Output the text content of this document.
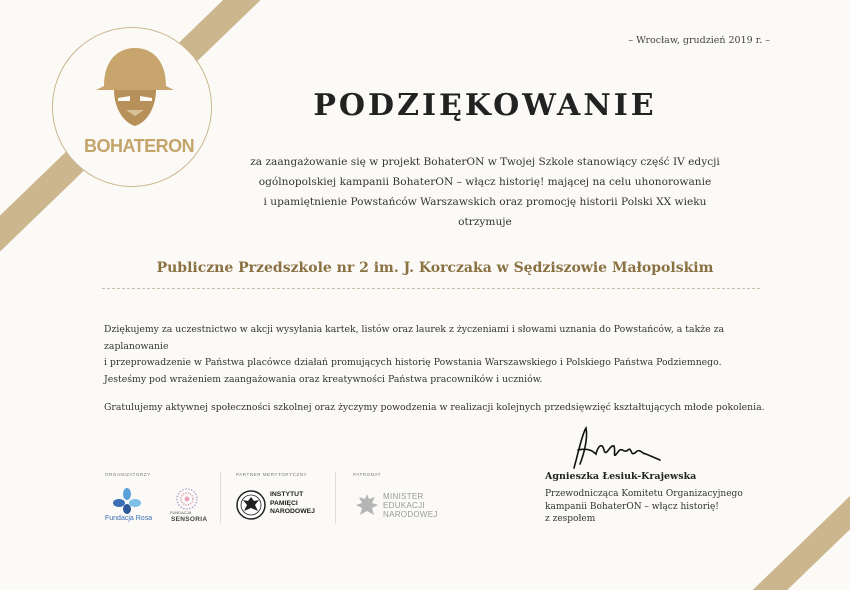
BOHATERON
– Wrocław, grudzień 2019 r. –
PODZIĘKOWANIE
za zaangażowanie się w projekt BohaterON w Twojej Szkole stanowiący część IV edycji
ogólnopolskiej kampanii BohaterON – włącz historię! mającej na celu uhonorowanie
i upamiętnienie Powstańców Warszawskich oraz promocję historii Polski XX wieku
otrzymuje
Publiczne Przedszkole nr 2 im. J. Korczaka w Sędziszowie Małopolskim

Dziękujemy za uczestnictwo w akcji wysyłania kartek, listów oraz laurek z życzeniami i słowami uznania do Powstańców, a także za zaplanowanie
i przeprowadzenie w Państwa placówce działań promujących historię Powstania Warszawskiego i Polskiego Państwa Podziemnego.
Jesteśmy pod wrażeniem zaangażowania oraz kreatywności Państwa pracowników i uczniów.

Gratulujemy aktywnej społeczności szkolnej oraz życzymy powodzenia w realizacji kolejnych przedsięwzięć kształtujących młode pokolenia.

Agnieszka Łesiuk-Krajewska
Przewodnicząca Komitetu Organizacyjnego
kampanii BohaterON – włącz historię!
z zespołem
ORGANIZATORZY	PARTNER MERYTORYCZNY	PATRONAT
Fundacja Rosa
FUNDACJA
SENSORIA
INSTYTUT
PAMIĘCI
NARODOWEJ
MINISTER
EDUKACJI
NARODOWEJ
